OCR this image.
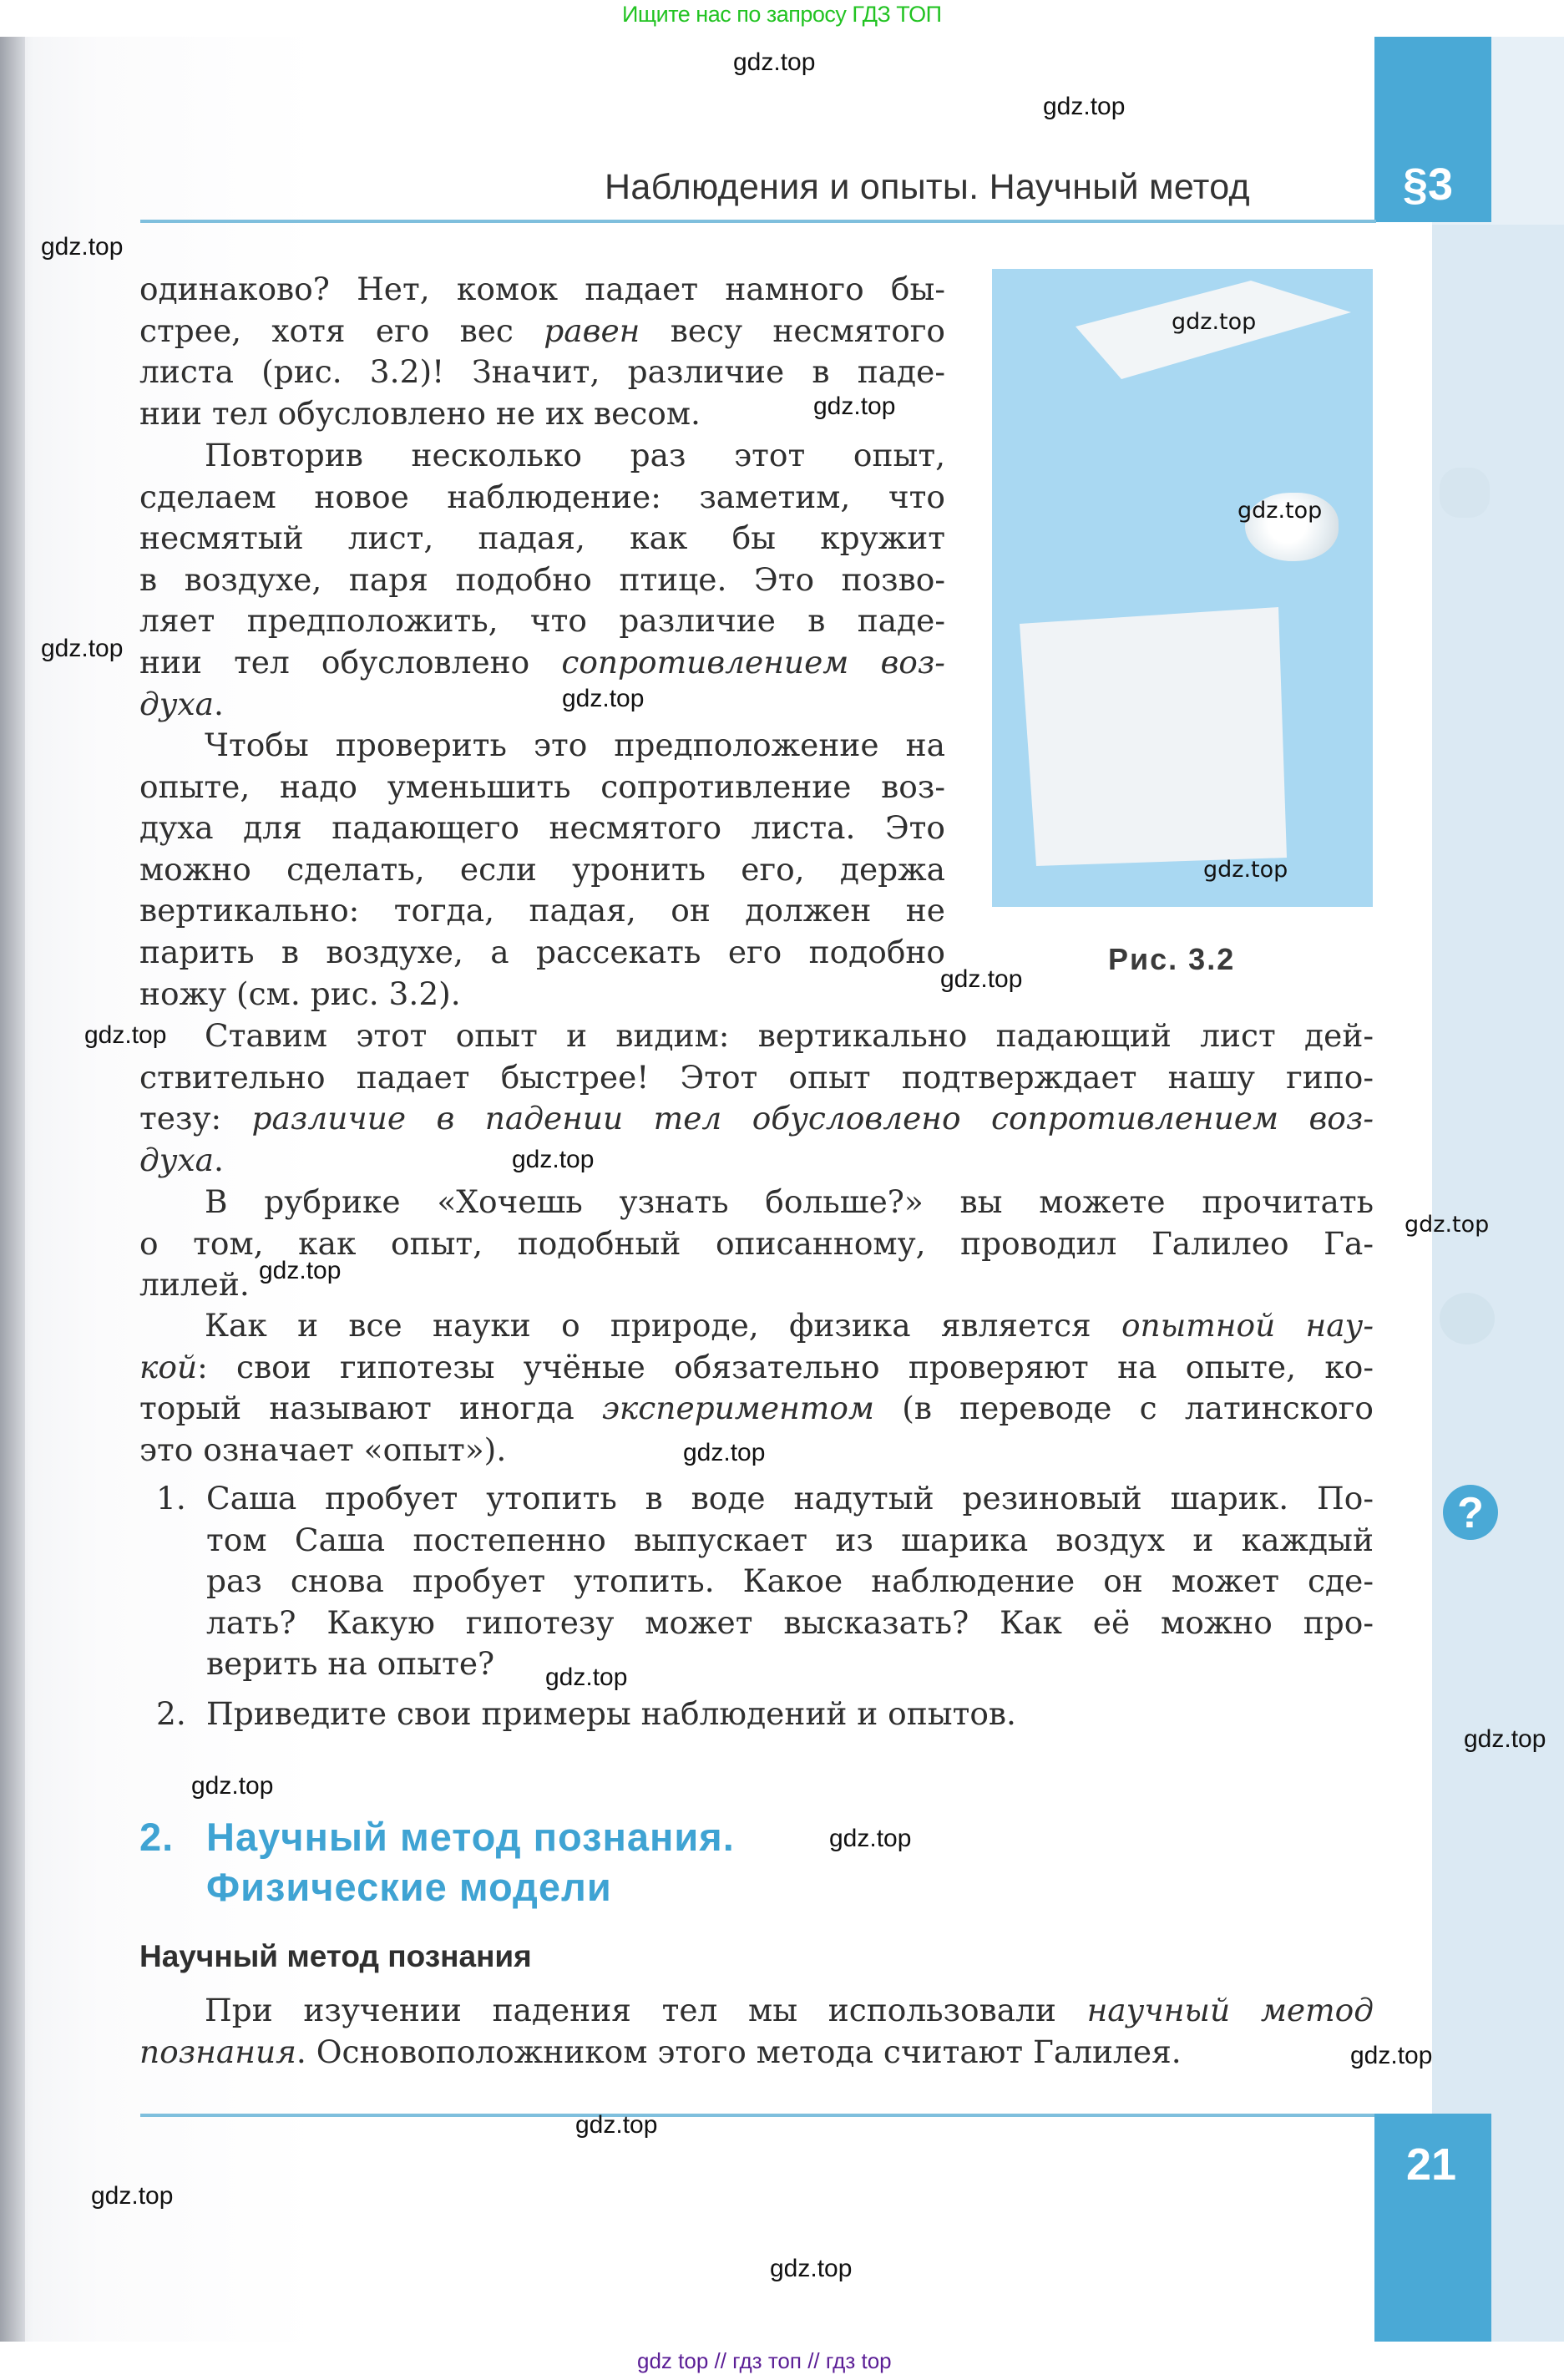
Ищите нас по запросу ГДЗ ТОП
§3
Наблюдения и опыты. Научный метод
одинаково? Нет, комок падает намного бы-
стрее, хотя его вес равен весу несмятого
листа (рис. 3.2)! Значит, различие в паде-
нии тел обусловлено не их весом.
Повторив несколько раз этот опыт,
сделаем новое наблюдение: заметим, что
несмятый лист, падая, как бы кружит
в воздухе, паря подобно птице. Это позво-
ляет предположить, что различие в паде-
нии тел обусловлено сопротивлением воз-
духа.
Чтобы проверить это предположение на
опыте, надо уменьшить сопротивление воз-
духа для падающего несмятого листа. Это
можно сделать, если уронить его, держа
вертикально: тогда, падая, он должен не
парить в воздухе, а рассекать его подобно
ножу (см. рис. 3.2).
Рис. 3.2
Ставим этот опыт и видим: вертикально падающий лист дей-
ствительно падает быстрее! Этот опыт подтверждает нашу гипо-
тезу: различие в падении тел обусловлено сопротивлением воз-
духа.
В рубрике «Хочешь узнать больше?» вы можете прочитать
о том, как опыт, подобный описанному, проводил Галилео Га-
лилей.
Как и все науки о природе, физика является опытной нау-
кой: свои гипотезы учёные обязательно проверяют на опыте, ко-
торый называют иногда экспериментом (в переводе с латинского
это означает «опыт»).
1. Саша пробует утопить в воде надутый резиновый шарик. По-
том Саша постепенно выпускает из шарика воздух и каждый
раз снова пробует утопить. Какое наблюдение он может сде-
лать? Какую гипотезу может высказать? Как её можно про-
верить на опыте?
2. Приведите свои примеры наблюдений и опытов.
?
2. Научный метод познания.
Физические модели
Научный метод познания
При изучении падения тел мы использовали научный метод
познания. Основоположником этого метода считают Галилея.
21
gdz.top
gdz.top
gdz.top
gdz.top
gdz.top
gdz.top
gdz.top
gdz.top
gdz.top
gdz.top
gdz.top
gdz.top
gdz.top
gdz.top
gdz.top
gdz.top
gdz.top
gdz.top
gdz.top
gdz.top
gdz.top
gdz.top
gdz.top
gdz top // гдз топ // гдз top
